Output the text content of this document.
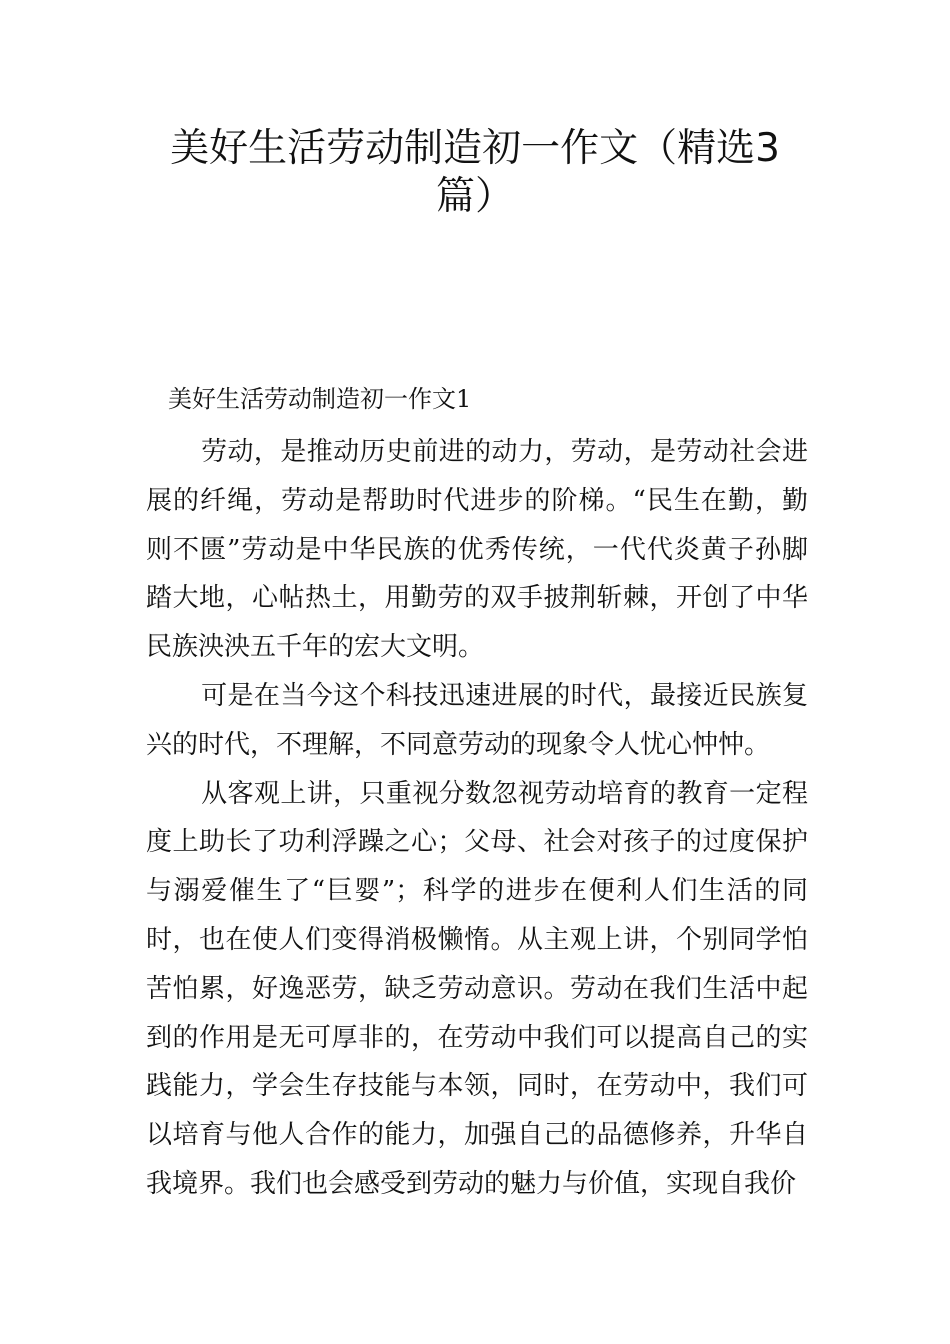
美好生活劳动制造初一作文（精选3篇）
美好生活劳动制造初一作文1

劳动，是推动历史前进的动力，劳动，是劳动社会进展的纤绳，劳动是帮助时代进步的阶梯。“民生在勤，勤则不匮”劳动是中华民族的优秀传统，一代代炎黄子孙脚踏大地，心帖热土，用勤劳的双手披荆斩棘，开创了中华民族泱泱五千年的宏大文明。

可是在当今这个科技迅速进展的时代，最接近民族复兴的时代，不理解，不同意劳动的现象令人忧心忡忡。

从客观上讲，只重视分数忽视劳动培育的教育一定程度上助长了功利浮躁之心；父母、社会对孩子的过度保护与溺爱催生了“巨婴”；科学的进步在便利人们生活的同时，也在使人们变得消极懒惰。从主观上讲，个别同学怕苦怕累，好逸恶劳，缺乏劳动意识。劳动在我们生活中起到的作用是无可厚非的，在劳动中我们可以提高自己的实践能力，学会生存技能与本领，同时，在劳动中，我们可以培育与他人合作的能力，加强自己的品德修养，升华自我境界。我们也会感受到劳动的魅力与价值，实现自我价
